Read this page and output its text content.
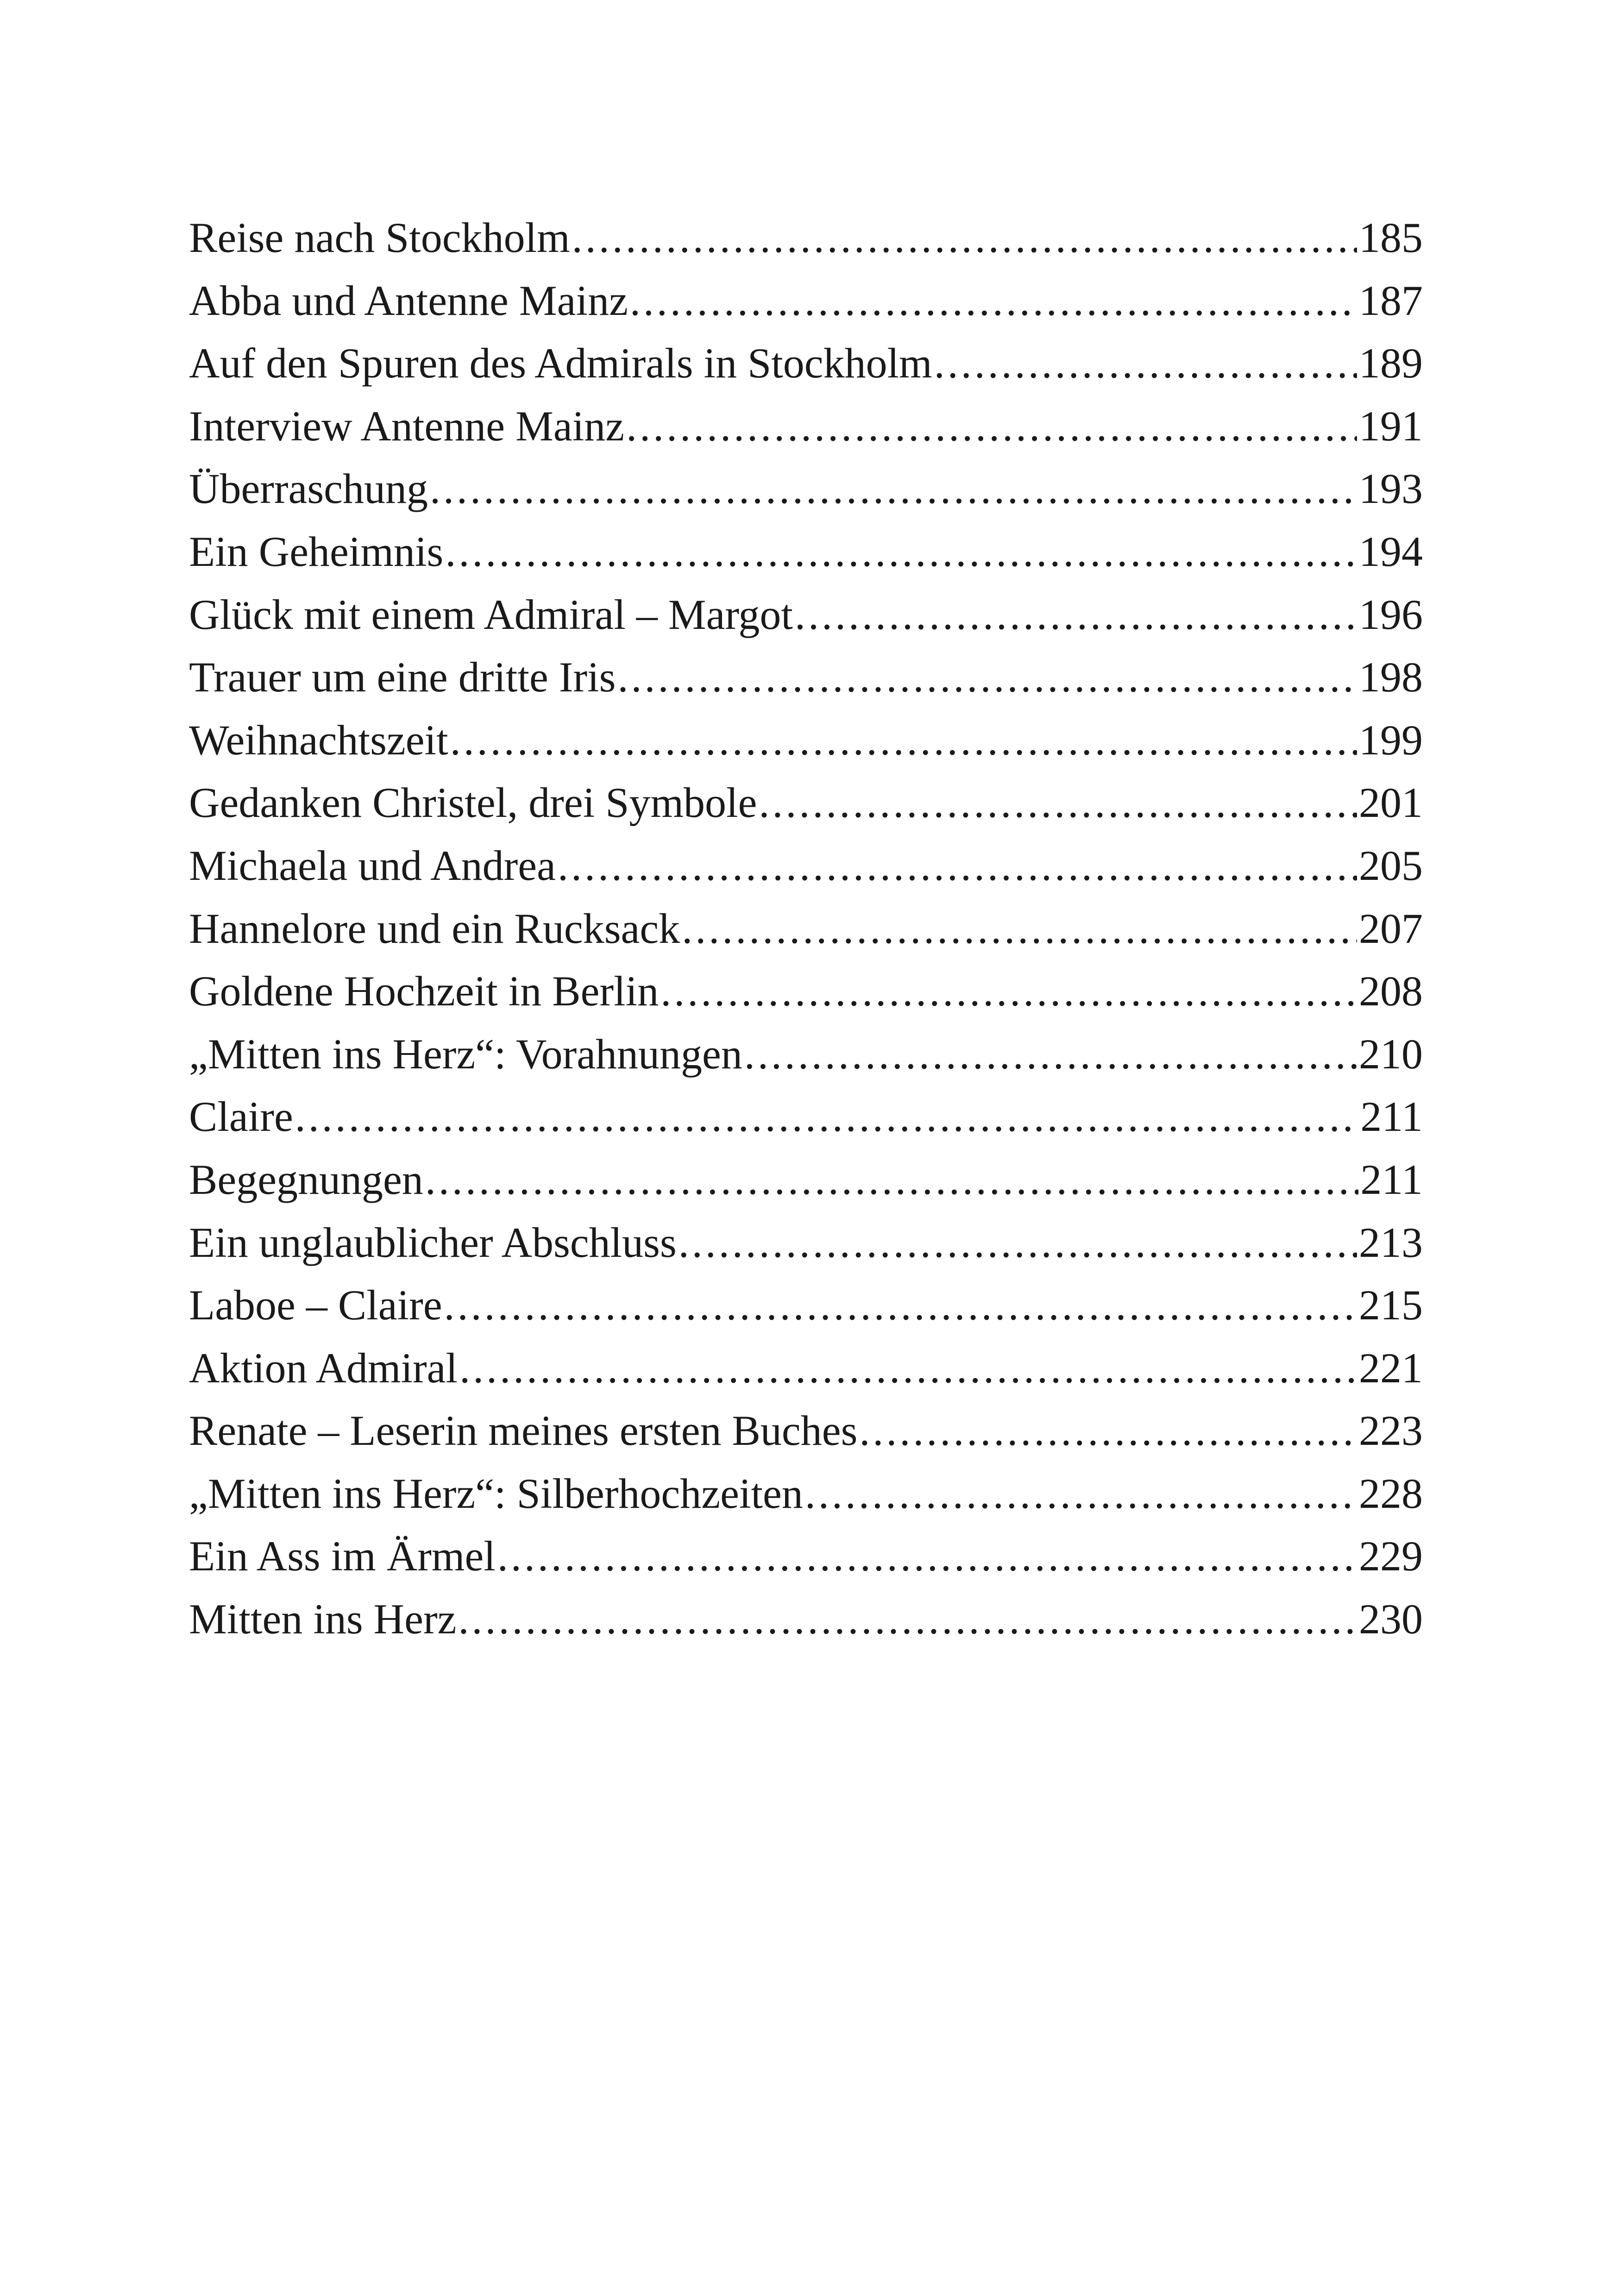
Reise nach Stockholm .....	185
Abba und Antenne Mainz .....	187
Auf den Spuren des Admirals in Stockholm .....	189
Interview Antenne Mainz .....	191
Überraschung .....	193
Ein Geheimnis .....	194
Glück mit einem Admiral – Margot .....	196
Trauer um eine dritte Iris .....	198
Weihnachtszeit .....	199
Gedanken Christel, drei Symbole .....	201
Michaela und Andrea .....	205
Hannelore und ein Rucksack .....	207
Goldene Hochzeit in Berlin .....	208
„Mitten ins Herz“: Vorahnungen .....	210
Claire .....	211
Begegnungen .....	211
Ein unglaublicher Abschluss .....	213
Laboe – Claire .....	215
Aktion Admiral .....	221
Renate – Leserin meines ersten Buches .....	223
„Mitten ins Herz“: Silberhochzeiten .....	228
Ein Ass im Ärmel .....	229
Mitten ins Herz .....	230
